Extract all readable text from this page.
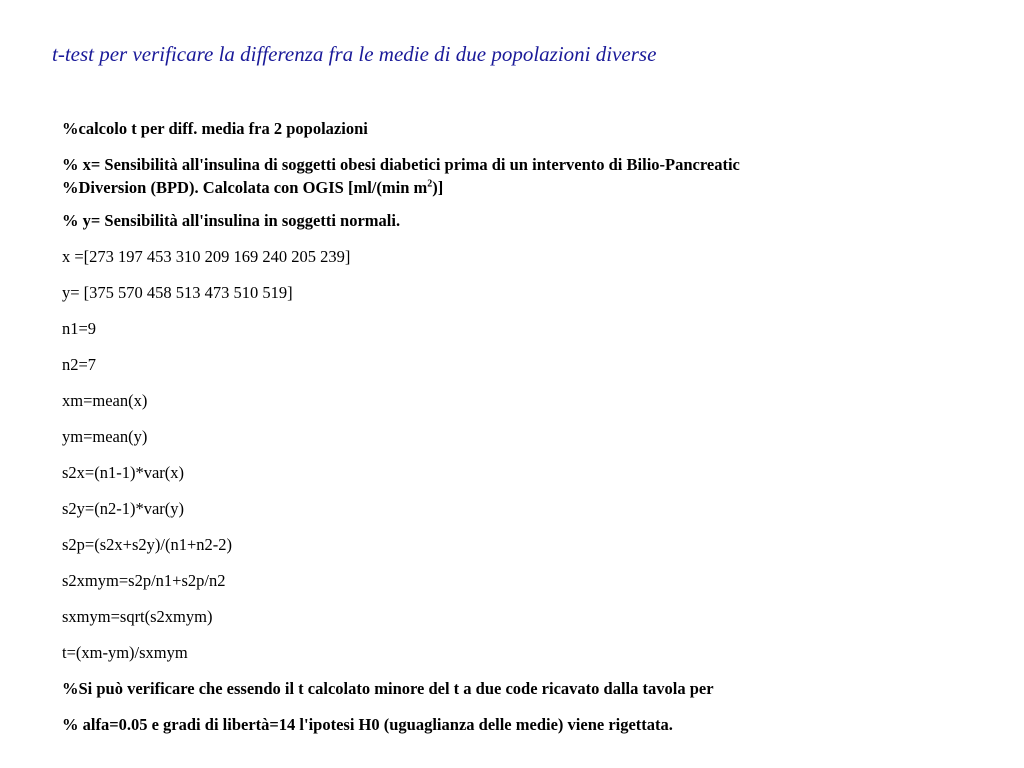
t-test per verificare la differenza fra le medie di due popolazioni diverse
%calcolo t per diff. media fra 2 popolazioni
% x= Sensibilità all'insulina di soggetti obesi diabetici prima di un intervento di Bilio-Pancreatic
%Diversion (BPD). Calcolata con OGIS [ml/(min $m^2$)]
% y= Sensibilità all'insulina in soggetti normali.
x =[273 197 453 310 209 169 240 205 239]
y= [375 570 458 513 473 510 519]
n1=9
n2=7
xm=mean(x)
ym=mean(y)
s2x=(n1-1)*var(x)
s2y=(n2-1)*var(y)
s2p=(s2x+s2y)/(n1+n2-2)
s2xmym=s2p/n1+s2p/n2
sxmym=sqrt(s2xmym)
t=(xm-ym)/sxmym
%Si può verificare che essendo il t calcolato minore del t a due code ricavato dalla tavola per
% alfa=0.05 e gradi di libertà=14 l'ipotesi H0 (uguaglianza delle medie) viene rigettata.
